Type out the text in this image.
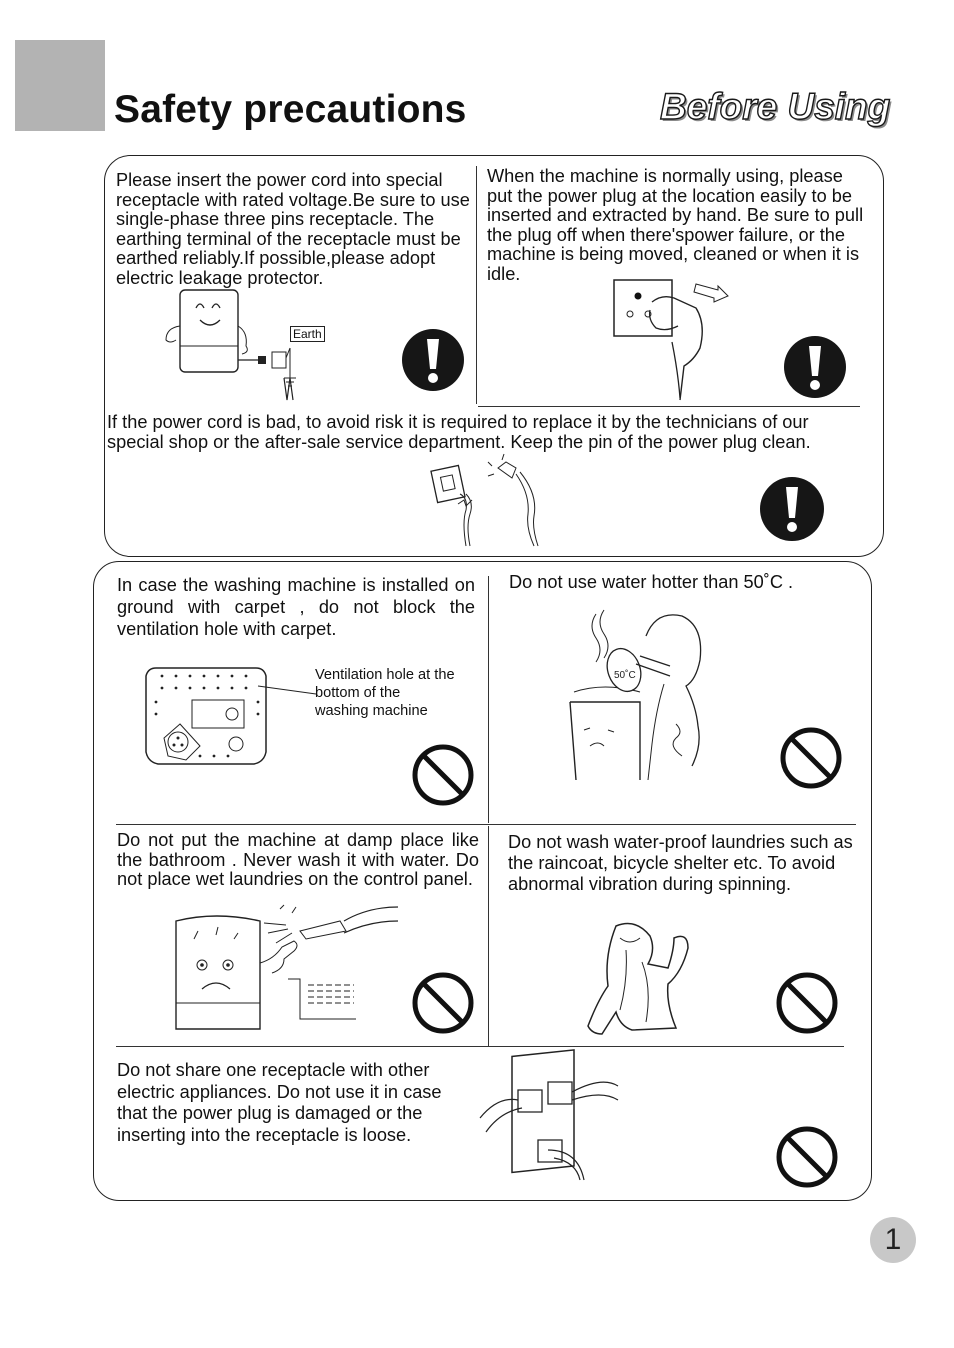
Safety precautions	Before Using
Please insert the power cord into special receptacle with rated voltage.Be sure to use single-phase three pins receptacle. The earthing terminal of the receptacle must be earthed reliably.If possible,please adopt electric leakage protector.
When the machine is normally using, please put the power plug at the location easily to be inserted and extracted by hand. Be sure to pull the plug off when there'spower failure, or the machine is being moved, cleaned or when it is idle.
If the power cord is bad, to avoid risk it is required to replace it by the technicians of our special shop or the after-sale service department. Keep the pin of the power plug clean.
Earth
In case the washing machine is installed on ground with carpet , do not block the ventilation hole with carpet.
Ventilation hole at the bottom of the washing machine
Do not use water hotter than 50˚C .
Do not put the machine at damp place like the bathroom . Never wash it with water. Do not place wet laundries on the control panel.
Do not wash water-proof laundries such as the raincoat, bicycle shelter etc. To avoid abnormal vibration during spinning.
Do not share one receptacle with other electric appliances. Do not use it in case that the power plug is damaged or the inserting into the receptacle is loose.
50˚C
1
